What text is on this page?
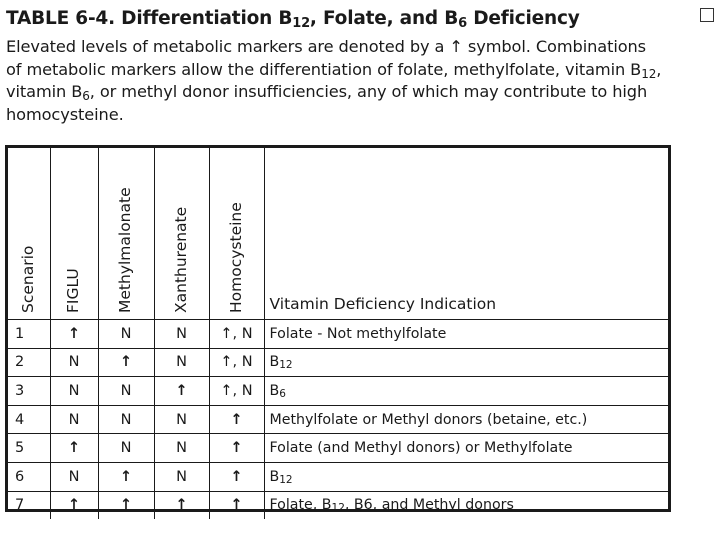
TABLE 6-4. Differentiation $B_{12}$, Folate, and $B_6$ Deficiency
Elevated levels of metabolic markers are denoted by a ↑ symbol. Combinations
of metabolic markers allow the differentiation of folate, methylfolate, vitamin $B_{12}$,
vitamin $B_6$, or methyl donor insufficiencies, any of which may contribute to high
homocysteine.
Scenario	FIGLU	Methylmalonate	Xanthurenate	Homocysteine	Vitamin Deficiency Indication
1	↑	N	N	↑, N	Folate - Not methylfolate
2	N	↑	N	↑, N	$B_{12}$
3	N	N	↑	↑, N	$B_6$
4	N	N	N	↑	Methylfolate or Methyl donors (betaine, etc.)
5	↑	N	N	↑	Folate (and Methyl donors) or Methylfolate
6	N	↑	N	↑	$B_{12}$
7	↑	↑	↑	↑	Folate, $B_{12}$, B6, and Methyl donors
